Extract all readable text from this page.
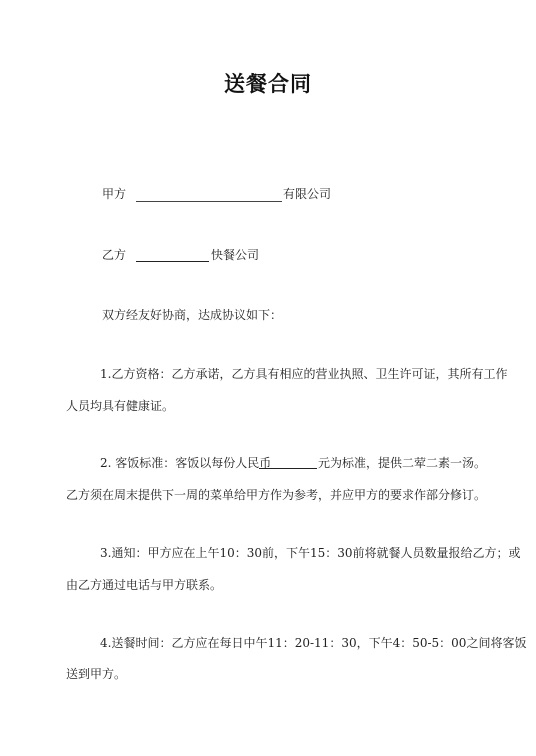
送餐合同
甲方	有限公司
乙方	快餐公司
双方经友好协商，达成协议如下：
1.乙方资格：乙方承诺，乙方具有相应的营业执照、卫生许可证，其所有工作
人员均具有健康证。
2. 客饭标准：客饭以每份人民币	元为标准，提供二荤二素一汤。
乙方须在周末提供下一周的菜单给甲方作为参考，并应甲方的要求作部分修订。
3.通知：甲方应在上午10：30前，下午15：30前将就餐人员数量报给乙方；或
由乙方通过电话与甲方联系。
4.送餐时间：乙方应在每日中午11：20-11：30，下午4：50-5：00之间将客饭
送到甲方。
